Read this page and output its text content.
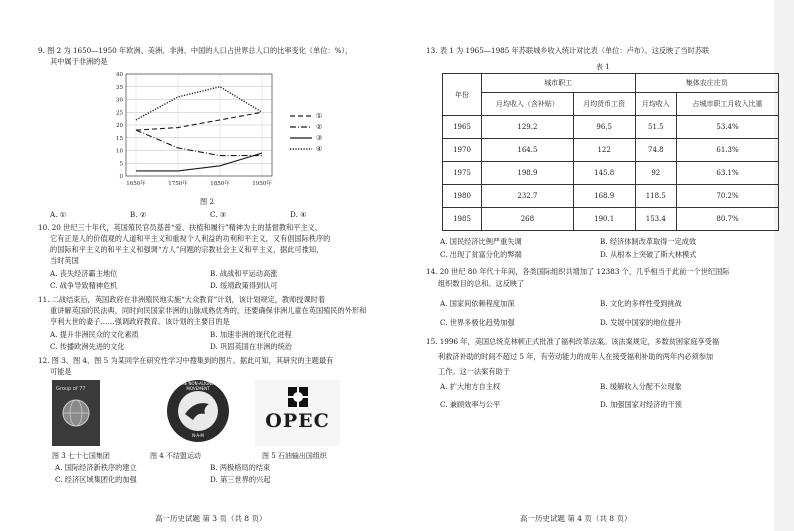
9. 图 2 为 1650—1950 年欧洲、美洲、非洲、中国的人口占世界总人口的比率变化（单位：%），
其中属于非洲的是
0
5
10
15
20
25
30
35
40
1650年	1750年	1850年	1950年
①
②
③
④
图 2
A. ①	B. ②	C. ③	D. ④
10. 20 世纪三十年代，英国殖民官员基普“爱、扶植和履行”精神为主的基督教和平主义，
它有正是人的价值观的人道和平主义和重视个人利益的功利和平主义，又有倡国际秩序的
的国际和平主义的和平主义和强调“方人”问题的宗教社会主义和平主义，据此可推知，
当时英国
A. 丧失经济霸主地位	B. 战战和平运动高涨
C. 战争导致精神危机	D. 绥靖政策得到认可
11. 二战结束后，英国政府在非洲殖民地实施“大众教育”计划，该计划规定，教师授课时着
重讲解英国的民法典，同时向民国家非洲的山脉成熟优秀的，还要确保非洲儿童在英国殖民的外形和
亨利大世的妻子……强调政府教育。该计划的主要目的是
A. 提升非洲民众的文化素质	B. 加速非洲的现代化进程
C. 传播欧洲先进的文化	D. 巩固英国在非洲的统治
12. 图 3、图 4、图 5 为某同学在研究性学习中搜集到的图片。据此可知，其研究的主题最有
可能是
Group of 77
THE NON-ALIGNED MOVEMENT
N·A·M
OPEC
图 3 七十七国集团	图 4 不结盟运动	图 5 石油输出国组织
A. 国际经济新秩序的建立	B. 两极格局的结束
C. 经济区域集团化的加强	D. 第三世界的兴起
高一历史试题 第 3 页（共 8 页）
13. 表 1 为 1965—1985 年苏联城乡收入统计对比表（单位：卢布）。这反映了当时苏联
表 1
年份	城市职工		集体农庄庄员	
	月均收入（含补贴）	月均货币工资	月均收入	占城市职工月收入比重
1965	129.2	96.5	51.5	53.4%
1970	164.5	122	74.8	61.3%
1975	198.9	145.8	92	63.1%
1980	232.7	168.9	118.5	70.2%
1985	268	190.1	153.4	80.7%
A. 国民经济比例严重失调	B. 经济体制改革取得一定成效
C. 出现了贫富分化的弊端	D. 从根本上突破了斯大林模式
14. 20 世纪 80 年代十年间，各类国际组织共增加了 12383 个，几乎相当于此前一个世纪国际
组织数目的总和。这反映了
A. 国家间依赖程度加深	B. 文化的多样性受到挑战
C. 世界多极化趋势加强	D. 发展中国家的地位提升
15. 1996 年，美国总统克林顿正式批准了福利改革法案。该法案规定，多数贫困家庭享受福
利救济补助的时间不超过 5 年，有劳动能力的成年人在接受福利补助的两年内必须参加
工作。这一法案有助于
A. 扩大地方自主权	B. 缓解收入分配不公现象
C. 兼顾效率与公平	D. 加强国家对经济的干预
高一历史试题 第 4 页（共 8 页）
